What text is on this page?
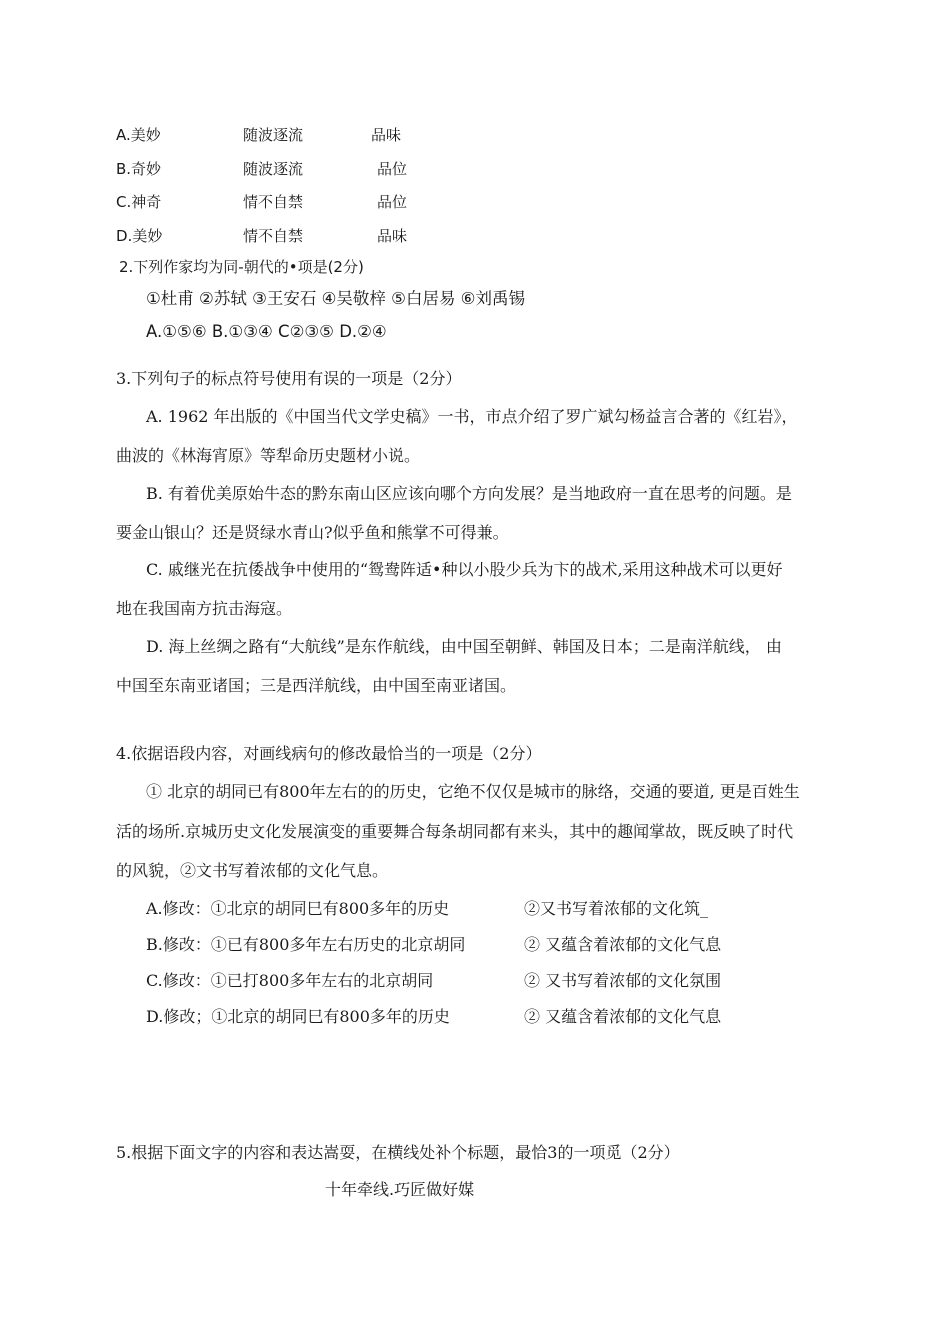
A.美妙	随波逐流	品味
B.奇妙	随波逐流	品位
C.神奇	情不自禁	品位
D.美妙	情不自禁	品味
2.下列作家均为同-朝代的•项是(2分)
①杜甫 ②苏轼 ③王安石 ④吴敬梓 ⑤白居易 ⑥刘禹锡
A.①⑤⑥ B.①③④ C②③⑤ D.②④
3.下列句子的标点符号使用有误的一项是（2分）
A. 1962 年出版的《中国当代文学史稿》一书，市点介绍了罗广斌勾杨益言合著的《红岩》，
曲波的《林海宵原》等犁命历史题材小说。
B. 有着优美原始牛态的黔东南山区应该向哪个方向发展？是当地政府一直在思考的问题。是
要金山银山？还是贤绿水青山?似乎鱼和熊掌不可得兼。
C. 戚继光在抗倭战争中使用的“鸳鸯阵适•种以小股少兵为卞的战术,采用这种战术可以更好
地在我国南方抗击海寇。
D. 海上丝绸之路有“大航线”是东作航线，由中国至朝鲜、韩国及日本；二是南洋航线， 由
中国至东南亚诸国；三是西洋航线，由中国至南亚诸国。
4.依据语段内容，对画线病句的修改最恰当的一项是（2分）
① 北京的胡同已有800年左右的的历史，它绝不仅仅是城市的脉络，交通的要道, 更是百姓生
活的场所.京城历史文化发展演变的重要舞合每条胡同都有来头，其中的趣闻掌故，既反映了时代
的风貌，②文书写着浓郁的文化气息。
A.修改：①北京的胡同巳有800多年的历史	②又书写着浓郁的文化筑_
B.修改：①已有800多年左右历史的北京胡同	② 又蕴含着浓郁的文化气息
C.修改：①已打800多年左右的北京胡同	② 又书写着浓郁的文化氛围
D.修改；①北京的胡同巳有800多年的历史	② 又蕴含着浓郁的文化气息
5.根据下面文字的内容和表达嵩耍，在横线处补个标题，最恰3的一项觅（2分）
十年牵线.巧匠做好媒
